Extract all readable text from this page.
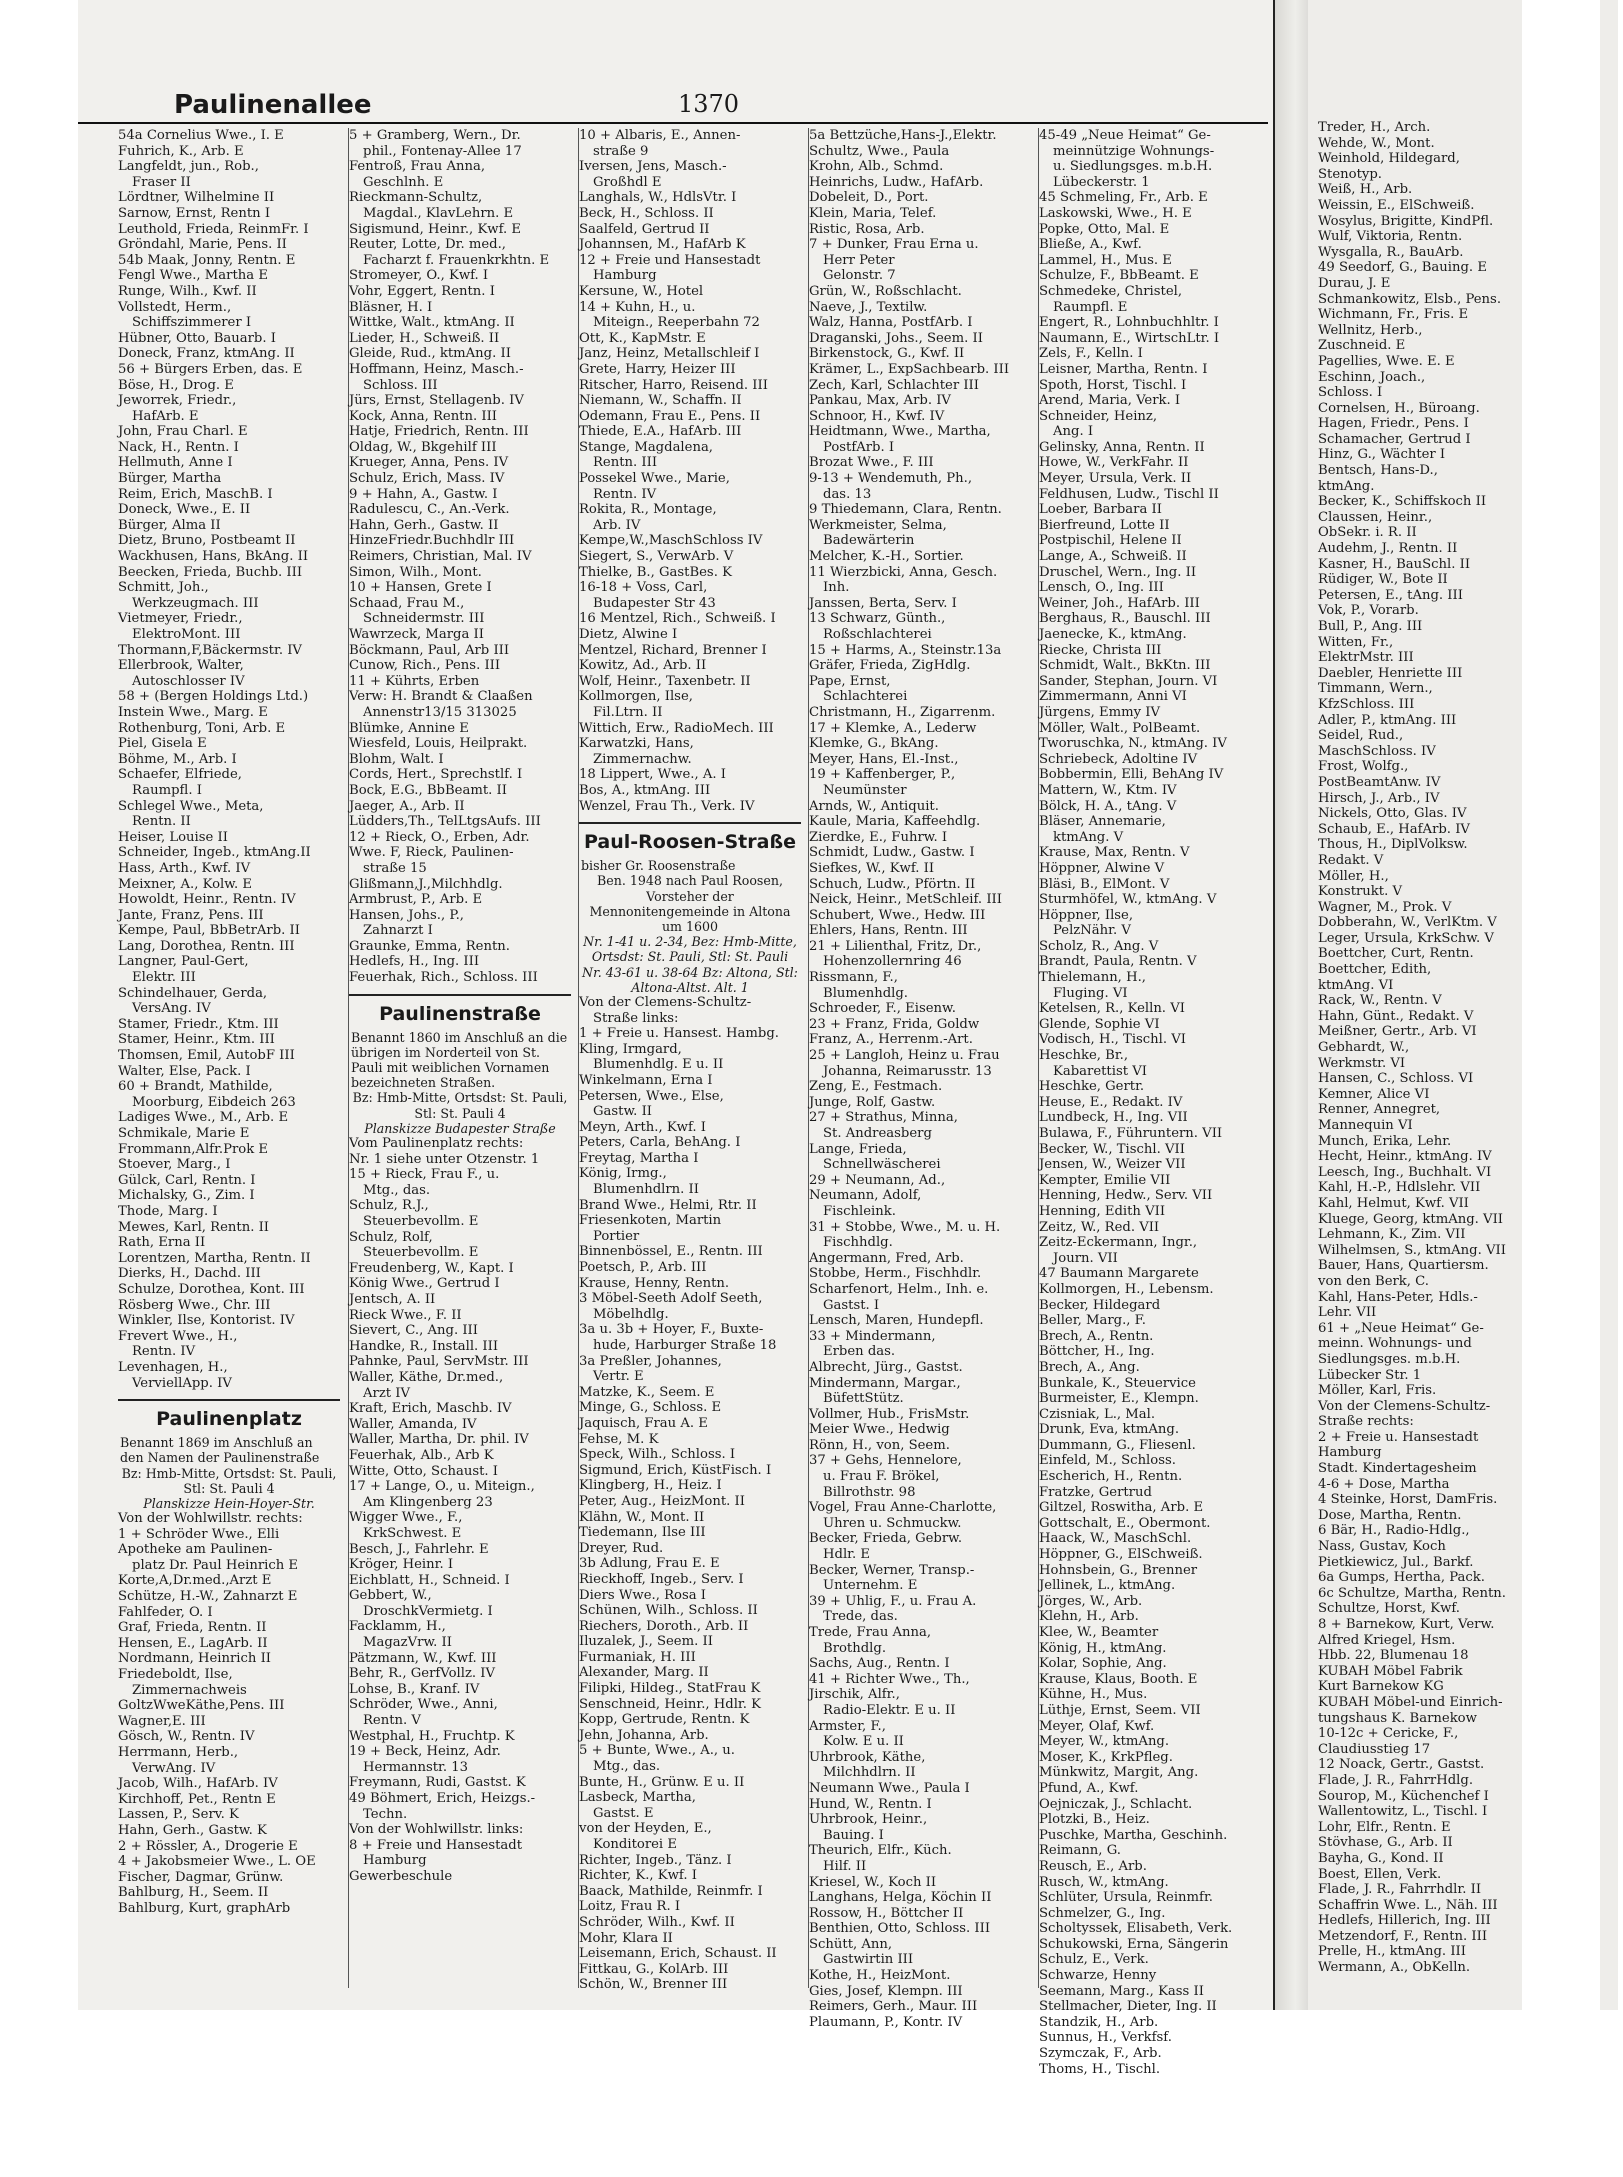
Paulinenallee	1370
54a Cornelius Wwe., I. E
Fuhrich, K., Arb. E
Langfeldt, jun., Rob.,
Fraser II
Lördtner, Wilhelmine II
Sarnow, Ernst, Rentn I
Leuthold, Frieda, ReinmFr. I
Gröndahl, Marie, Pens. II
54b Maak, Jonny, Rentn. E
Fengl Wwe., Martha E
Runge, Wilh., Kwf. II
Vollstedt, Herm.,
Schiffszimmerer I
Hübner, Otto, Bauarb. I
Doneck, Franz, ktmAng. II
56 + Bürgers Erben, das. E
Böse, H., Drog. E
Jeworrek, Friedr.,
HafArb. E
John, Frau Charl. E
Nack, H., Rentn. I
Hellmuth, Anne I
Bürger, Martha
Reim, Erich, MaschB. I
Doneck, Wwe., E. II
Bürger, Alma II
Dietz, Bruno, Postbeamt II
Wackhusen, Hans, BkAng. II
Beecken, Frieda, Buchb. III
Schmitt, Joh.,
Werkzeugmach. III
Vietmeyer, Friedr.,
ElektroMont. III
Thormann,F,Bäckermstr. IV
Ellerbrook, Walter,
Autoschlosser IV
58 + (Bergen Holdings Ltd.)
Instein Wwe., Marg. E
Rothenburg, Toni, Arb. E
Piel, Gisela E
Böhme, M., Arb. I
Schaefer, Elfriede,
Raumpfl. I
Schlegel Wwe., Meta,
Rentn. II
Heiser, Louise II
Schneider, Ingeb., ktmAng.II
Hass, Arth., Kwf. IV
Meixner, A., Kolw. E
Howoldt, Heinr., Rentn. IV
Jante, Franz, Pens. III
Kempe, Paul, BbBetrArb. II
Lang, Dorothea, Rentn. III
Langner, Paul-Gert,
Elektr. III
Schindelhauer, Gerda,
VersAng. IV
Stamer, Friedr., Ktm. III
Stamer, Heinr., Ktm. III
Thomsen, Emil, AutobF III
Walter, Else, Pack. I
60 + Brandt, Mathilde,
Moorburg, Eibdeich 263
Ladiges Wwe., M., Arb. E
Schmikale, Marie E
Frommann,Alfr.Prok E
Stoever, Marg., I
Gülck, Carl, Rentn. I
Michalsky, G., Zim. I
Thode, Marg. I
Mewes, Karl, Rentn. II
Rath, Erna II
Lorentzen, Martha, Rentn. II
Dierks, H., Dachd. III
Schulze, Dorothea, Kont. III
Rösberg Wwe., Chr. III
Winkler, Ilse, Kontorist. IV
Frevert Wwe., H.,
Rentn. IV
Levenhagen, H.,
VerviellApp. IV
Paulinenplatz
Benannt 1869 im Anschluß an den Namen der Paulinenstraße
Bz: Hmb-Mitte, Ortsdst: St. Pauli, Stl: St. Pauli 4
Planskizze Hein-Hoyer-Str.
Von der Wohlwillstr. rechts:
1 + Schröder Wwe., Elli
Apotheke am Paulinen-
platz Dr. Paul Heinrich E
Korte,A,Dr.med.,Arzt E
Schütze, H.-W., Zahnarzt E
Fahlfeder, O. I
Graf, Frieda, Rentn. II
Hensen, E., LagArb. II
Nordmann, Heinrich II
Friedeboldt, Ilse,
Zimmernachweis
GoltzWweKäthe,Pens. III
Wagner,E. III
Gösch, W., Rentn. IV
Herrmann, Herb.,
VerwAng. IV
Jacob, Wilh., HafArb. IV
Kirchhoff, Pet., Rentn E
Lassen, P., Serv. K
Hahn, Gerh., Gastw. K
2 + Rössler, A., Drogerie E
4 + Jakobsmeier Wwe., L. OE
Fischer, Dagmar, Grünw.
Bahlburg, H., Seem. II
Bahlburg, Kurt, graphArb
5 + Gramberg, Wern., Dr.
phil., Fontenay-Allee 17
Fentroß, Frau Anna,
Geschlnh. E
Rieckmann-Schultz,
Magdal., KlavLehrn. E
Sigismund, Heinr., Kwf. E
Reuter, Lotte, Dr. med.,
Facharzt f. Frauenkrkhtn. E
Stromeyer, O., Kwf. I
Vohr, Eggert, Rentn. I
Bläsner, H. I
Wittke, Walt., ktmAng. II
Lieder, H., Schweiß. II
Gleide, Rud., ktmAng. II
Hoffmann, Heinz, Masch.-
Schloss. III
Jürs, Ernst, Stellagenb. IV
Kock, Anna, Rentn. III
Hatje, Friedrich, Rentn. III
Oldag, W., Bkgehilf III
Krueger, Anna, Pens. IV
Schulz, Erich, Mass. IV
9 + Hahn, A., Gastw. I
Radulescu, C., An.-Verk.
Hahn, Gerh., Gastw. II
HinzeFriedr.Buchhdlr III
Reimers, Christian, Mal. IV
Simon, Wilh., Mont.
10 + Hansen, Grete I
Schaad, Frau M.,
Schneidermstr. III
Wawrzeck, Marga II
Böckmann, Paul, Arb III
Cunow, Rich., Pens. III
11 + Kührts, Erben
Verw: H. Brandt & Claaßen
Annenstr13/15 313025
Blümke, Annine E
Wiesfeld, Louis, Heilprakt.
Blohm, Walt. I
Cords, Hert., Sprechstlf. I
Bock, E.G., BbBeamt. II
Jaeger, A., Arb. II
Lüdders,Th., TelLtgsAufs. III
12 + Rieck, O., Erben, Adr.
Wwe. F, Rieck, Paulinen-
straße 15
Glißmann,J.,Milchhdlg.
Armbrust, P., Arb. E
Hansen, Johs., P.,
Zahnarzt I
Graunke, Emma, Rentn.
Hedlefs, H., Ing. III
Feuerhak, Rich., Schloss. III
Paulinenstraße
Benannt 1860 im Anschluß an die übrigen im Norderteil von St. Pauli mit weiblichen Vornamen bezeichneten Straßen.
Bz: Hmb-Mitte, Ortsdst: St. Pauli, Stl: St. Pauli 4
Planskizze Budapester Straße
Vom Paulinenplatz rechts:
Nr. 1 siehe unter Otzenstr. 1
15 + Rieck, Frau F., u.
Mtg., das.
Schulz, R.J.,
Steuerbevollm. E
Schulz, Rolf,
Steuerbevollm. E
Freudenberg, W., Kapt. I
König Wwe., Gertrud I
Jentsch, A. II
Rieck Wwe., F. II
Sievert, C., Ang. III
Handke, R., Install. III
Pahnke, Paul, ServMstr. III
Waller, Käthe, Dr.med.,
Arzt IV
Kraft, Erich, Maschb. IV
Waller, Amanda, IV
Waller, Martha, Dr. phil. IV
Feuerhak, Alb., Arb K
Witte, Otto, Schaust. I
17 + Lange, O., u. Miteign.,
Am Klingenberg 23
Wigger Wwe., F.,
KrkSchwest. E
Besch, J., Fahrlehr. E
Kröger, Heinr. I
Eichblatt, H., Schneid. I
Gebbert, W.,
DroschkVermietg. I
Facklamm, H.,
MagazVrw. II
Pätzmann, W., Kwf. III
Behr, R., GerfVollz. IV
Lohse, B., Kranf. IV
Schröder, Wwe., Anni,
Rentn. V
Westphal, H., Fruchtp. K
19 + Beck, Heinz, Adr.
Hermannstr. 13
Freymann, Rudi, Gastst. K
49 Böhmert, Erich, Heizgs.-
Techn.
Von der Wohlwillstr. links:
8 + Freie und Hansestadt
Hamburg
Gewerbeschule
10 + Albaris, E., Annen-
straße 9
Iversen, Jens, Masch.-
Großhdl E
Langhals, W., HdlsVtr. I
Beck, H., Schloss. II
Saalfeld, Gertrud II
Johannsen, M., HafArb K
12 + Freie und Hansestadt
Hamburg
Kersune, W., Hotel
14 + Kuhn, H., u.
Miteign., Reeperbahn 72
Ott, K., KapMstr. E
Janz, Heinz, Metallschleif I
Grete, Harry, Heizer III
Ritscher, Harro, Reisend. III
Niemann, W., Schaffn. II
Odemann, Frau E., Pens. II
Thiede, E.A., HafArb. III
Stange, Magdalena,
Rentn. III
Possekel Wwe., Marie,
Rentn. IV
Rokita, R., Montage,
Arb. IV
Kempe,W.,MaschSchloss IV
Siegert, S., VerwArb. V
Thielke, B., GastBes. K
16-18 + Voss, Carl,
Budapester Str 43
16 Mentzel, Rich., Schweiß. I
Dietz, Alwine I
Mentzel, Richard, Brenner I
Kowitz, Ad., Arb. II
Wolf, Heinr., Taxenbetr. II
Kollmorgen, Ilse,
Fil.Ltrn. II
Wittich, Erw., RadioMech. III
Karwatzki, Hans,
Zimmernachw.
18 Lippert, Wwe., A. I
Bos, A., ktmAng. III
Wenzel, Frau Th., Verk. IV
Paul-Roosen-Straße
bisher Gr. Roosenstraße
Ben. 1948 nach Paul Roosen, Vorsteher der Mennonitengemeinde in Altona um 1600
Nr. 1-41 u. 2-34, Bez: Hmb-Mitte, Ortsdst: St. Pauli, Stl: St. Pauli Nr. 43-61 u. 38-64 Bz: Altona, Stl: Altona-Altst. Alt. 1
Von der Clemens-Schultz-
Straße links:
1 + Freie u. Hansest. Hambg.
Kling, Irmgard,
Blumenhdlg. E u. II
Winkelmann, Erna I
Petersen, Wwe., Else,
Gastw. II
Meyn, Arth., Kwf. I
Peters, Carla, BehAng. I
Freytag, Martha I
König, Irmg.,
Blumenhdlrn. II
Brand Wwe., Helmi, Rtr. II
Friesenkoten, Martin
Portier
Binnenbössel, E., Rentn. III
Poetsch, P., Arb. III
Krause, Henny, Rentn.
3 Möbel-Seeth Adolf Seeth,
Möbelhdlg.
3a u. 3b + Hoyer, F., Buxte-
hude, Harburger Straße 18
3a Preßler, Johannes,
Vertr. E
Matzke, K., Seem. E
Minge, G., Schloss. E
Jaquisch, Frau A. E
Fehse, M. K
Speck, Wilh., Schloss. I
Sigmund, Erich, KüstFisch. I
Klingberg, H., Heiz. I
Peter, Aug., HeizMont. II
Klähn, W., Mont. II
Tiedemann, Ilse III
Dreyer, Rud.
3b Adlung, Frau E. E
Rieckhoff, Ingeb., Serv. I
Diers Wwe., Rosa I
Schünen, Wilh., Schloss. II
Riechers, Doroth., Arb. II
Iluzalek, J., Seem. II
Furmaniak, H. III
Alexander, Marg. II
Filipki, Hildeg., StatFrau K
Senschneid, Heinr., Hdlr. K
Kopp, Gertrude, Rentn. K
Jehn, Johanna, Arb.
5 + Bunte, Wwe., A., u.
Mtg., das.
Bunte, H., Grünw. E u. II
Lasbeck, Martha,
Gastst. E
von der Heyden, E.,
Konditorei E
Richter, Ingeb., Tänz. I
Richter, K., Kwf. I
Baack, Mathilde, Reinmfr. I
Loitz, Frau R. I
Schröder, Wilh., Kwf. II
Mohr, Klara II
Leisemann, Erich, Schaust. II
Fittkau, G., KolArb. III
Schön, W., Brenner III
5a Bettzüche,Hans-J.,Elektr.
Schultz, Wwe., Paula
Krohn, Alb., Schmd.
Heinrichs, Ludw., HafArb.
Dobeleit, D., Port.
Klein, Maria, Telef.
Ristic, Rosa, Arb.
7 + Dunker, Frau Erna u.
Herr Peter
Gelonstr. 7
Grün, W., Roßschlacht.
Naeve, J., Textilw.
Walz, Hanna, PostfArb. I
Draganski, Johs., Seem. II
Birkenstock, G., Kwf. II
Krämer, L., ExpSachbearb. III
Zech, Karl, Schlachter III
Pankau, Max, Arb. IV
Schnoor, H., Kwf. IV
Heidtmann, Wwe., Martha,
PostfArb. I
Brozat Wwe., F. III
9-13 + Wendemuth, Ph.,
das. 13
9 Thiedemann, Clara, Rentn.
Werkmeister, Selma,
Badewärterin
Melcher, K.-H., Sortier.
11 Wierzbicki, Anna, Gesch.
Inh.
Janssen, Berta, Serv. I
13 Schwarz, Günth.,
Roßschlachterei
15 + Harms, A., Steinstr.13a
Gräfer, Frieda, ZigHdlg.
Pape, Ernst,
Schlachterei
Christmann, H., Zigarrenm.
17 + Klemke, A., Lederw
Klemke, G., BkAng.
Meyer, Hans, El.-Inst.,
19 + Kaffenberger, P.,
Neumünster
Arnds, W., Antiquit.
Kaule, Maria, Kaffeehdlg.
Zierdke, E., Fuhrw. I
Schmidt, Ludw., Gastw. I
Siefkes, W., Kwf. II
Schuch, Ludw., Pförtn. II
Neick, Heinr., MetSchleif. III
Schubert, Wwe., Hedw. III
Ehlers, Hans, Rentn. III
21 + Lilienthal, Fritz, Dr.,
Hohenzollernring 46
Rissmann, F.,
Blumenhdlg.
Schroeder, F., Eisenw.
23 + Franz, Frida, Goldw
Franz, A., Herrenm.-Art.
25 + Langloh, Heinz u. Frau
Johanna, Reimarusstr. 13
Zeng, E., Festmach.
Junge, Rolf, Gastw.
27 + Strathus, Minna,
St. Andreasberg
Lange, Frieda,
Schnellwäscherei
29 + Neumann, Ad.,
Neumann, Adolf,
Fischleink.
31 + Stobbe, Wwe., M. u. H.
Fischhdlg.
Angermann, Fred, Arb.
Stobbe, Herm., Fischhdlr.
Scharfenort, Helm., Inh. e.
Gastst. I
Lensch, Maren, Hundepfl.
33 + Mindermann,
Erben das.
Albrecht, Jürg., Gastst.
Mindermann, Margar.,
BüfettStütz.
Vollmer, Hub., FrisMstr.
Meier Wwe., Hedwig
Rönn, H., von, Seem.
37 + Gehs, Hennelore,
u. Frau F. Brökel,
Billrothstr. 98
Vogel, Frau Anne-Charlotte,
Uhren u. Schmuckw.
Becker, Frieda, Gebrw.
Hdlr. E
Becker, Werner, Transp.-
Unternehm. E
39 + Uhlig, F., u. Frau A.
Trede, das.
Trede, Frau Anna,
Brothdlg.
Sachs, Aug., Rentn. I
41 + Richter Wwe., Th.,
Jirschik, Alfr.,
Radio-Elektr. E u. II
Armster, F.,
Kolw. E u. II
Uhrbrook, Käthe,
Milchhdlrn. II
Neumann Wwe., Paula I
Hund, W., Rentn. I
Uhrbrook, Heinr.,
Bauing. I
Theurich, Elfr., Küch.
Hilf. II
Kriesel, W., Koch II
Langhans, Helga, Köchin II
Rossow, H., Böttcher II
Benthien, Otto, Schloss. III
Schütt, Ann,
Gastwirtin III
Kothe, H., HeizMont.
Gies, Josef, Klempn. III
Reimers, Gerh., Maur. III
Plaumann, P., Kontr. IV
45-49 „Neue Heimat“ Ge-
meinnützige Wohnungs-
u. Siedlungsges. m.b.H.
Lübeckerstr. 1
45 Schmeling, Fr., Arb. E
Laskowski, Wwe., H. E
Popke, Otto, Mal. E
Bließe, A., Kwf.
Lammel, H., Mus. E
Schulze, F., BbBeamt. E
Schmedeke, Christel,
Raumpfl. E
Engert, R., Lohnbuchhltr. I
Naumann, E., WirtschLtr. I
Zels, F., Kelln. I
Leisner, Martha, Rentn. I
Spoth, Horst, Tischl. I
Arend, Maria, Verk. I
Schneider, Heinz,
Ang. I
Gelinsky, Anna, Rentn. II
Howe, W., VerkFahr. II
Meyer, Ursula, Verk. II
Feldhusen, Ludw., Tischl II
Loeber, Barbara II
Bierfreund, Lotte II
Postpischil, Helene II
Lange, A., Schweiß. II
Druschel, Wern., Ing. II
Lensch, O., Ing. III
Weiner, Joh., HafArb. III
Berghaus, R., Bauschl. III
Jaenecke, K., ktmAng.
Riecke, Christa III
Schmidt, Walt., BkKtn. III
Sander, Stephan, Journ. VI
Zimmermann, Anni VI
Jürgens, Emmy IV
Möller, Walt., PolBeamt.
Tworuschka, N., ktmAng. IV
Schriebeck, Adoltine IV
Bobbermin, Elli, BehAng IV
Mattern, W., Ktm. IV
Bölck, H. A., tAng. V
Bläser, Annemarie,
ktmAng. V
Krause, Max, Rentn. V
Höppner, Alwine V
Bläsi, B., ElMont. V
Sturmhöfel, W., ktmAng. V
Höppner, Ilse,
PelzNähr. V
Scholz, R., Ang. V
Brandt, Paula, Rentn. V
Thielemann, H.,
Fluging. VI
Ketelsen, R., Kelln. VI
Glende, Sophie VI
Vodisch, H., Tischl. VI
Heschke, Br.,
Kabarettist VI
Heschke, Gertr.
Heuse, E., Redakt. IV
Lundbeck, H., Ing. VII
Bulawa, F., Führuntern. VII
Becker, W., Tischl. VII
Jensen, W., Weizer VII
Kempter, Emilie VII
Henning, Hedw., Serv. VII
Henning, Edith VII
Zeitz, W., Red. VII
Zeitz-Eckermann, Ingr.,
Journ. VII
47 Baumann Margarete
Kollmorgen, H., Lebensm.
Becker, Hildegard
Beller, Marg., F.
Brech, A., Rentn.
Böttcher, H., Ing.
Brech, A., Ang.
Bunkale, K., Steuervice
Burmeister, E., Klempn.
Czisniak, L., Mal.
Drunk, Eva, ktmAng.
Dummann, G., Fliesenl.
Einfeld, M., Schloss.
Escherich, H., Rentn.
Fratzke, Gertrud
Giltzel, Roswitha, Arb. E
Gottschalt, E., Obermont.
Haack, W., MaschSchl.
Höppner, G., ElSchweiß.
Hohnsbein, G., Brenner
Jellinek, L., ktmAng.
Jörges, W., Arb.
Klehn, H., Arb.
Klee, W., Beamter
König, H., ktmAng.
Kolar, Sophie, Ang.
Krause, Klaus, Booth. E
Kühne, H., Mus.
Lüthje, Ernst, Seem. VII
Meyer, Olaf, Kwf.
Meyer, W., ktmAng.
Moser, K., KrkPfleg.
Münkwitz, Margit, Ang.
Pfund, A., Kwf.
Oejniczak, J., Schlacht.
Plotzki, B., Heiz.
Puschke, Martha, Geschinh.
Reimann, G.
Reusch, E., Arb.
Rusch, W., ktmAng.
Schlüter, Ursula, Reinmfr.
Schmelzer, G., Ing.
Scholtyssek, Elisabeth, Verk.
Schukowski, Erna, Sängerin
Schulz, E., Verk.
Schwarze, Henny
Seemann, Marg., Kass II
Stellmacher, Dieter, Ing. II
Standzik, H., Arb.
Sunnus, H., Verkfsf.
Szymczak, F., Arb.
Thoms, H., Tischl.
Treder, H., Arch.
Wehde, W., Mont.
Weinhold, Hildegard,
Stenotyp.
Weiß, H., Arb.
Weissin, E., ElSchweiß.
Wosylus, Brigitte, KindPfl.
Wulf, Viktoria, Rentn.
Wysgalla, R., BauArb.
49 Seedorf, G., Bauing. E
Durau, J. E
Schmankowitz, Elsb., Pens.
Wichmann, Fr., Fris. E
Wellnitz, Herb.,
Zuschneid. E
Pagellies, Wwe. E. E
Eschinn, Joach.,
Schloss. I
Cornelsen, H., Büroang.
Hagen, Friedr., Pens. I
Schamacher, Gertrud I
Hinz, G., Wächter I
Bentsch, Hans-D.,
ktmAng.
Becker, K., Schiffskoch II
Claussen, Heinr.,
ObSekr. i. R. II
Audehm, J., Rentn. II
Kasner, H., BauSchl. II
Rüdiger, W., Bote II
Petersen, E., tAng. III
Vok, P., Vorarb.
Bull, P., Ang. III
Witten, Fr.,
ElektrMstr. III
Daebler, Henriette III
Timmann, Wern.,
KfzSchloss. III
Adler, P., ktmAng. III
Seidel, Rud.,
MaschSchloss. IV
Frost, Wolfg.,
PostBeamtAnw. IV
Hirsch, J., Arb., IV
Nickels, Otto, Glas. IV
Schaub, E., HafArb. IV
Thous, H., DiplVolksw.
Redakt. V
Möller, H.,
Konstrukt. V
Wagner, M., Prok. V
Dobberahn, W., VerlKtm. V
Leger, Ursula, KrkSchw. V
Boettcher, Curt, Rentn.
Boettcher, Edith,
ktmAng. VI
Rack, W., Rentn. V
Hahn, Günt., Redakt. V
Meißner, Gertr., Arb. VI
Gebhardt, W.,
Werkmstr. VI
Hansen, C., Schloss. VI
Kemner, Alice VI
Renner, Annegret,
Mannequin VI
Munch, Erika, Lehr.
Hecht, Heinr., ktmAng. IV
Leesch, Ing., Buchhalt. VI
Kahl, H.-P., Hdlslehr. VII
Kahl, Helmut, Kwf. VII
Kluege, Georg, ktmAng. VII
Lehmann, K., Zim. VII
Wilhelmsen, S., ktmAng. VII
Bauer, Hans, Quartiersm.
von den Berk, C.
Kahl, Hans-Peter, Hdls.-
Lehr. VII
61 + „Neue Heimat“ Ge-
meinn. Wohnungs- und
Siedlungsges. m.b.H.
Lübecker Str. 1
Möller, Karl, Fris.
Von der Clemens-Schultz-
Straße rechts:
2 + Freie u. Hansestadt
Hamburg
Stadt. Kindertagesheim
4-6 + Dose, Martha
4 Steinke, Horst, DamFris.
Dose, Martha, Rentn.
6 Bär, H., Radio-Hdlg.,
Nass, Gustav, Koch
Pietkiewicz, Jul., Barkf.
6a Gumps, Hertha, Pack.
6c Schultze, Martha, Rentn.
Schultze, Horst, Kwf.
8 + Barnekow, Kurt, Verw.
Alfred Kriegel, Hsm.
Hbb. 22, Blumenau 18
KUBAH Möbel Fabrik
Kurt Barnekow KG
KUBAH Möbel-und Einrich-
tungshaus K. Barnekow
10-12c + Cericke, F.,
Claudiusstieg 17
12 Noack, Gertr., Gastst.
Flade, J. R., FahrrHdlg.
Sourop, M., Küchenchef I
Wallentowitz, L., Tischl. I
Lohr, Elfr., Rentn. E
Stövhase, G., Arb. II
Bayha, G., Kond. II
Boest, Ellen, Verk.
Flade, J. R., Fahrrhdlr. II
Schaffrin Wwe. L., Näh. III
Hedlefs, Hillerich, Ing. III
Metzendorf, F., Rentn. III
Prelle, H., ktmAng. III
Wermann, A., ObKelln.
